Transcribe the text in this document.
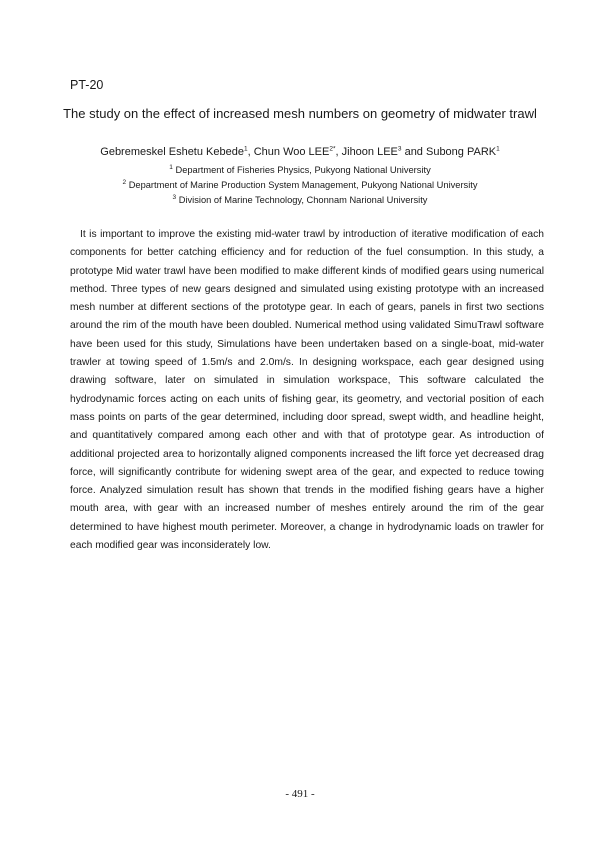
PT-20
The study on the effect of increased mesh numbers on geometry of midwater trawl
Gebremeskel Eshetu Kebede$^1$, Chun Woo $LEE^{2*}$, Jihoon LEE$^3$ and Subong PARK$^1$
$^1$ Department of Fisheries Physics, Pukyong National University
$^2$ Department of Marine Production System Management, Pukyong National University
$^3$ Division of Marine Technology, Chonnam Narional University

It is important to improve the existing mid-water trawl by introduction of iterative modification of each components for better catching efficiency and for reduction of the fuel consumption. In this study, a prototype Mid water trawl have been modified to make different kinds of modified gears using numerical method. Three types of new gears designed and simulated using existing prototype with an increased mesh number at different sections of the prototype gear. In each of gears, panels in first two sections around the rim of the mouth have been doubled. Numerical method using validated SimuTrawl software have been used for this study, Simulations have been undertaken based on a single-boat, mid-water trawler at towing speed of 1.5m/s and 2.0m/s. In designing workspace, each gear designed using drawing software, later on simulated in simulation workspace, This software calculated the hydrodynamic forces acting on each units of fishing gear, its geometry, and vectorial position of each mass points on parts of the gear determined, including door spread, swept width, and headline height, and quantitatively compared among each other and with that of prototype gear. As introduction of additional projected area to horizontally aligned components increased the lift force yet decreased drag force, will significantly contribute for widening swept area of the gear, and expected to reduce towing force. Analyzed simulation result has shown that trends in the modified fishing gears have a higher mouth area, with gear with an increased number of meshes entirely around the rim of the gear determined to have highest mouth perimeter. Moreover, a change in hydrodynamic loads on trawler for each modified gear was inconsiderately low.

- 491 -
